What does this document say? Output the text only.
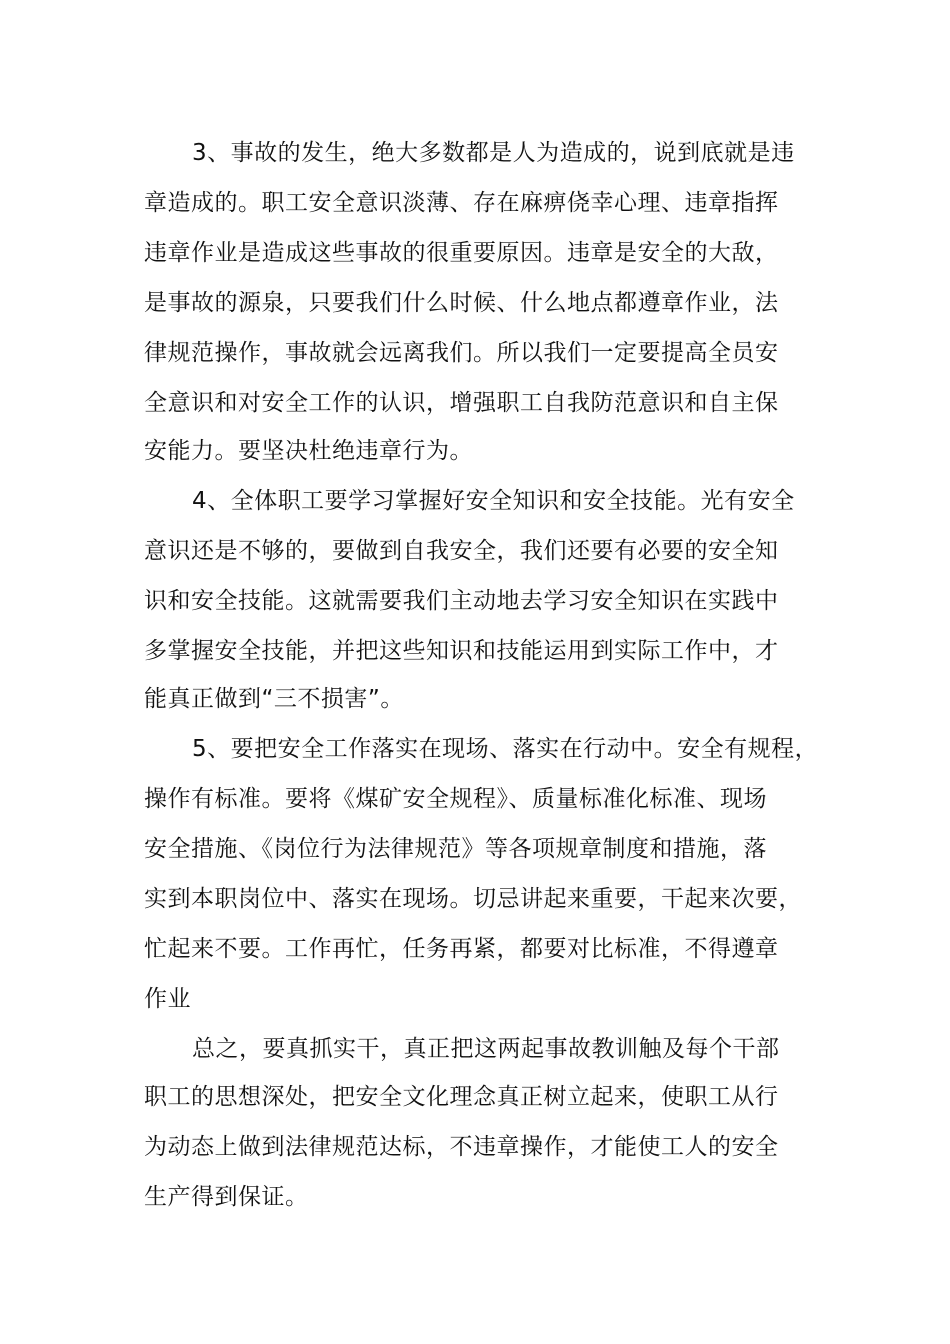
3、事故的发生，绝大多数都是人为造成的，说到底就是违
章造成的。职工安全意识淡薄、存在麻痹侥幸心理、违章指挥
违章作业是造成这些事故的很重要原因。违章是安全的大敌，
是事故的源泉，只要我们什么时候、什么地点都遵章作业，法
律规范操作，事故就会远离我们。所以我们一定要提高全员安
全意识和对安全工作的认识，增强职工自我防范意识和自主保
安能力。要坚决杜绝违章行为。
4、全体职工要学习掌握好安全知识和安全技能。光有安全
意识还是不够的，要做到自我安全，我们还要有必要的安全知
识和安全技能。这就需要我们主动地去学习安全知识在实践中
多掌握安全技能，并把这些知识和技能运用到实际工作中，才
能真正做到“三不损害”。
5、要把安全工作落实在现场、落实在行动中。安全有规程，
操作有标准。要将《煤矿安全规程》、质量标准化标准、现场
安全措施、《岗位行为法律规范》等各项规章制度和措施，落
实到本职岗位中、落实在现场。切忌讲起来重要，干起来次要，
忙起来不要。工作再忙，任务再紧，都要对比标准，不得遵章
作业
总之，要真抓实干，真正把这两起事故教训触及每个干部
职工的思想深处，把安全文化理念真正树立起来，使职工从行
为动态上做到法律规范达标，不违章操作，才能使工人的安全
生产得到保证。
